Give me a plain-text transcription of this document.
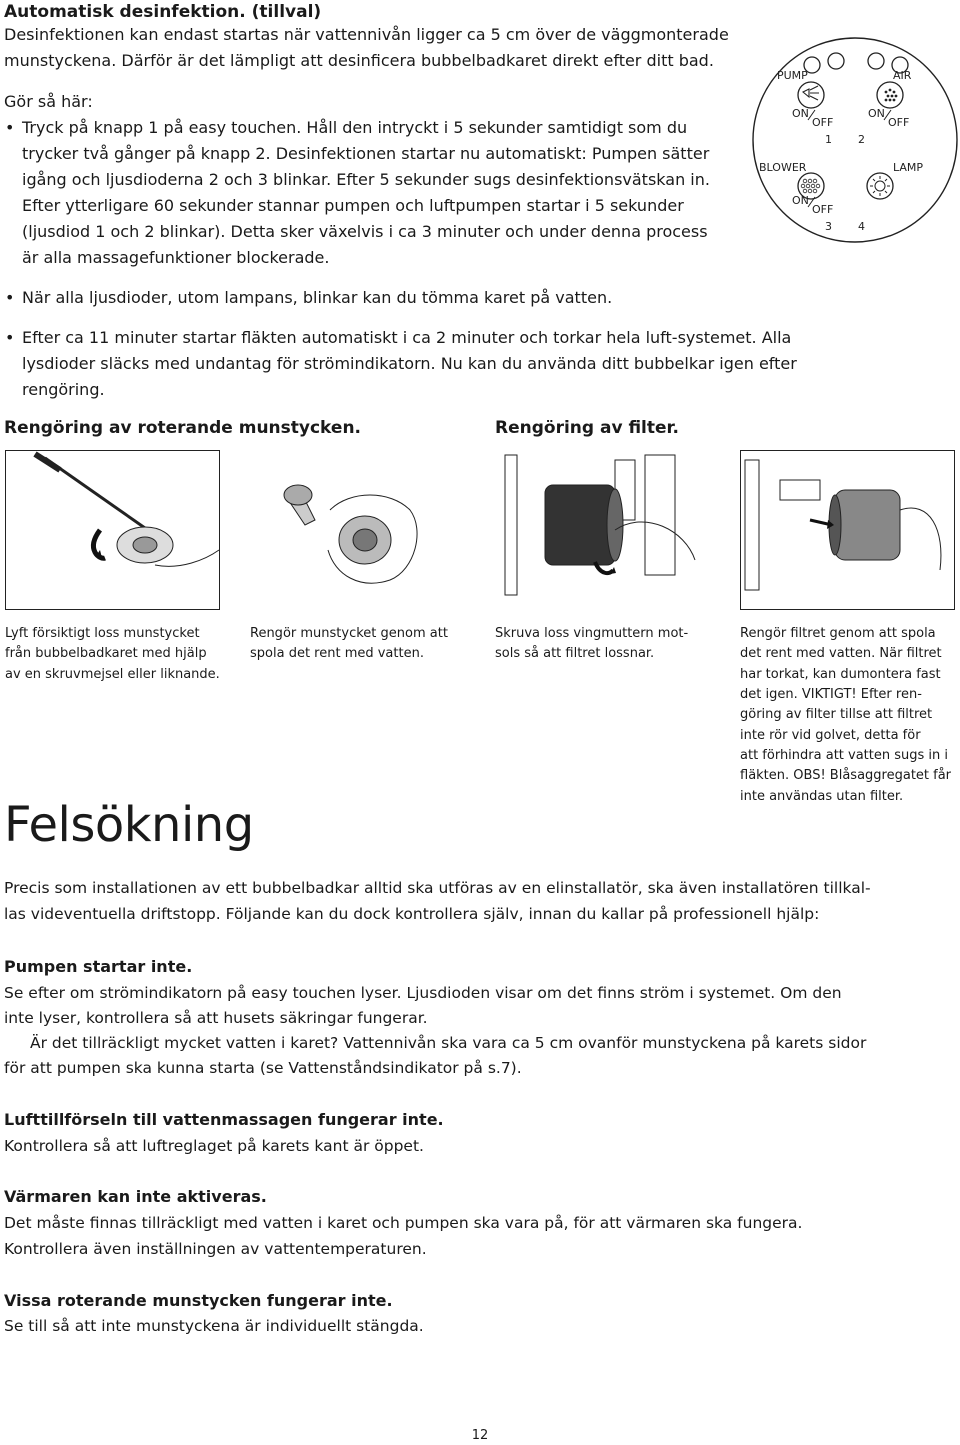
Automatisk desinfektion. (tillval)
Desinfektionen kan endast startas när vattennivån ligger ca 5 cm över de väggmonterade
munstyckena. Därför är det lämpligt att desinficera bubbelbadkaret direkt efter ditt bad.
Gör så här:
• Tryck på knapp 1 på easy touchen. Håll den intryckt i 5 sekunder samtidigt som du
trycker två gånger på knapp 2. Desinfektionen startar nu automatiskt: Pumpen sätter
igång och ljusdioderna 2 och 3 blinkar. Efter 5 sekunder sugs desinfektionsvätskan in.
Efter ytterligare 60 sekunder stannar pumpen och luftpumpen startar i 5 sekunder
(ljusdiod 1 och 2 blinkar). Detta sker växelvis i ca 3 minuter och under denna process
är alla massagefunktioner blockerade.
• När alla ljusdioder, utom lampans, blinkar kan du tömma karet på vatten.
• Efter ca 11 minuter startar fläkten automatiskt i ca 2 minuter och torkar hela luft-systemet. Alla
lysdioder släcks med undantag för strömindikatorn. Nu kan du använda ditt bubbelkar igen efter
rengöring.
PUMP	AIR
ON
OFF
ON
OFF
1 2
BLOWER	LAMP
ON
OFF
3 4
Rengöring av roterande munstycken.	Rengöring av filter.
Lyft försiktigt loss munstycket
från bubbelbadkaret med hjälp
av en skruvmejsel eller liknande.
Rengör munstycket genom att
spola det rent med vatten.
Skruva loss vingmuttern mot-
sols så att filtret lossnar.
Rengör filtret genom att spola
det rent med vatten. När filtret
har torkat, kan dumontera fast
det igen. VIKTIGT! Efter ren-
göring av filter tillse att filtret
inte rör vid golvet, detta för
att förhindra att vatten sugs in i
fläkten. OBS! Blåsaggregatet får
inte användas utan filter.
Felsökning
Precis som installationen av ett bubbelbadkar alltid ska utföras av en elinstallatör, ska även installatören tillkal-
las videventuella driftstopp. Följande kan du dock kontrollera själv, innan du kallar på professionell hjälp:
Pumpen startar inte.
Se efter om strömindikatorn på easy touchen lyser. Ljusdioden visar om det finns ström i systemet. Om den
inte lyser, kontrollera så att husets säkringar fungerar.
Är det tillräckligt mycket vatten i karet? Vattennivån ska vara ca 5 cm ovanför munstyckena på karets sidor
för att pumpen ska kunna starta (se Vattenståndsindikator på s.7).
Lufttillförseln till vattenmassagen fungerar inte.
Kontrollera så att luftreglaget på karets kant är öppet.
Värmaren kan inte aktiveras.
Det måste finnas tillräckligt med vatten i karet och pumpen ska vara på, för att värmaren ska fungera.
Kontrollera även inställningen av vattentemperaturen.
Vissa roterande munstycken fungerar inte.
Se till så att inte munstyckena är individuellt stängda.
12
